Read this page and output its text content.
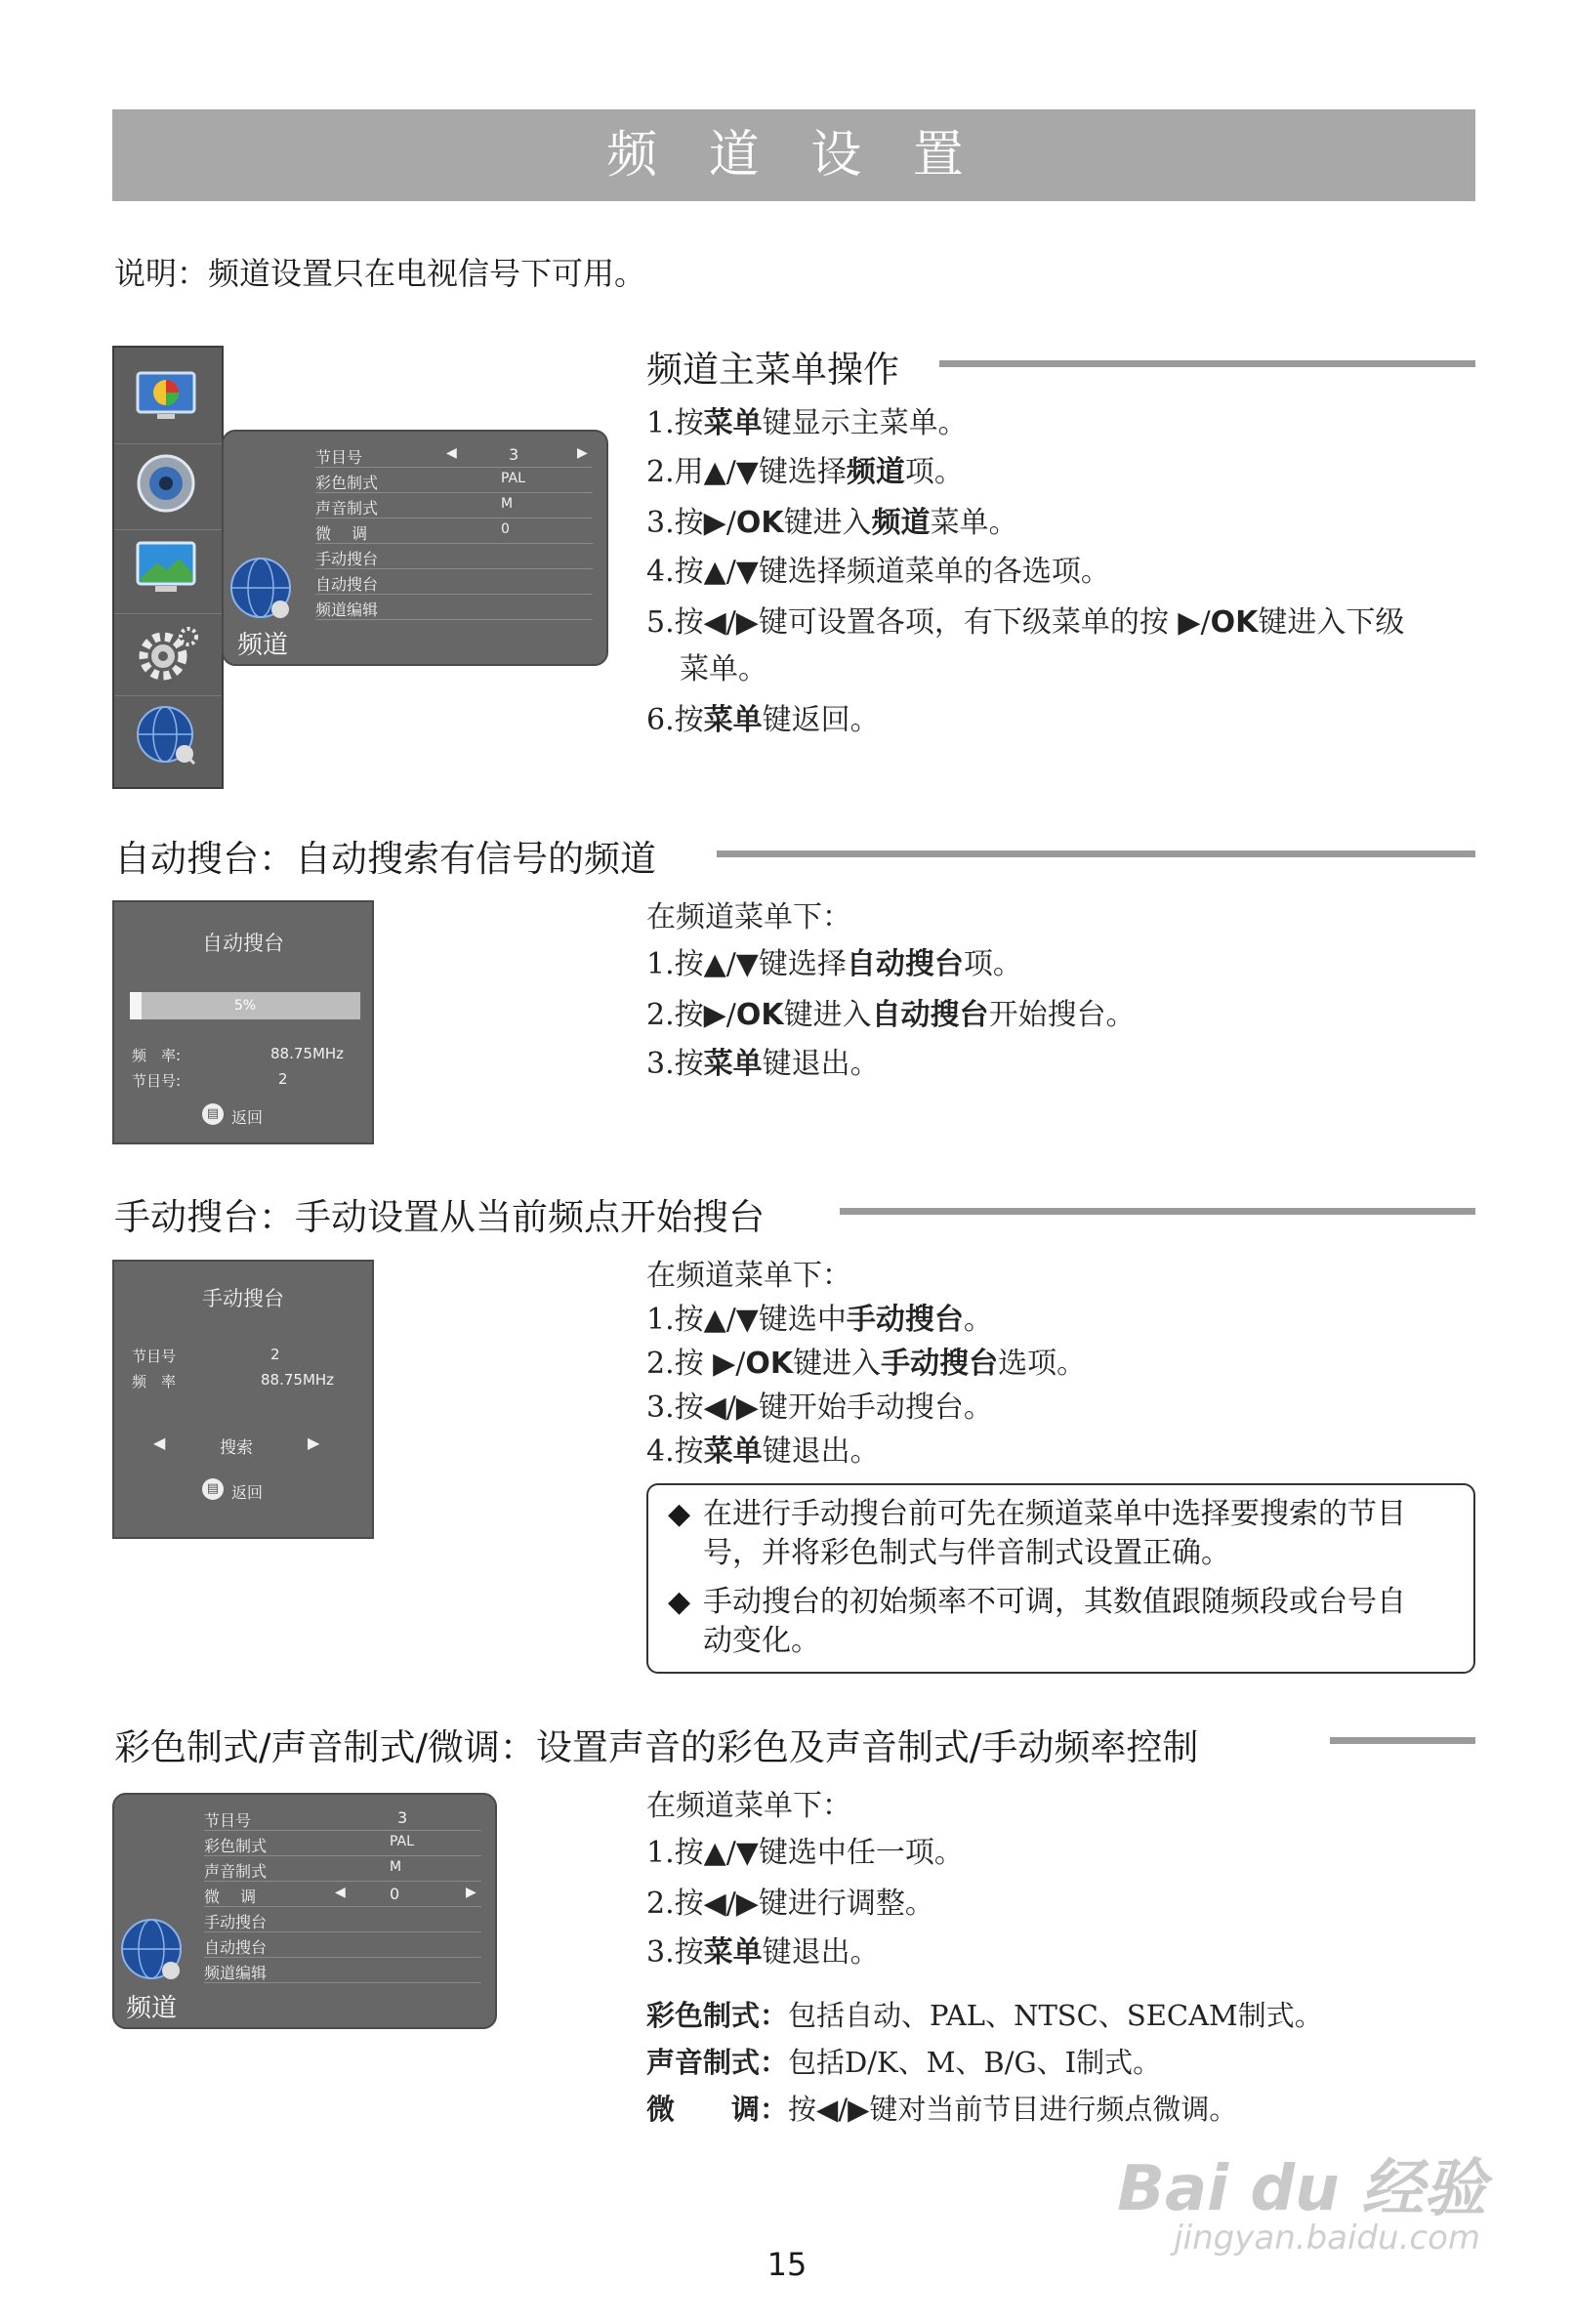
频 道 设 置
说明：频道设置只在电视信号下可用。
频道主菜单操作
频道
节目号	◀	3	▶
彩色制式	PAL
声音制式	M
微　 调	0
手动搜台
自动搜台
频道编辑
1.按菜单键显示主菜单。
2.用▲/▼键选择频道项。
3.按▶/OK键进入频道菜单。
4.按▲/▼键选择频道菜单的各选项。
5.按◀/▶键可设置各项，有下级菜单的按 ▶/OK键进入下级
菜单。
6.按菜单键返回。
自动搜台：自动搜索有信号的频道
自动搜台
5%
频　率:	88.75MHz
节目号:	2
▤ 返回
在频道菜单下：
1.按▲/▼键选择自动搜台项。
2.按▶/OK键进入自动搜台开始搜台。
3.按菜单键退出。
手动搜台：手动设置从当前频点开始搜台
手动搜台
节目号	2
频　率	88.75MHz
◀	搜索	▶
▤ 返回
在频道菜单下：
1.按▲/▼键选中手动搜台。
2.按 ▶/OK键进入手动搜台选项。
3.按◀/▶键开始手动搜台。
4.按菜单键退出。
◆ 在进行手动搜台前可先在频道菜单中选择要搜索的节目
号，并将彩色制式与伴音制式设置正确。
◆ 手动搜台的初始频率不可调，其数值跟随频段或台号自
动变化。
彩色制式/声音制式/微调：设置声音的彩色及声音制式/手动频率控制
频道
节目号	3
彩色制式	PAL
声音制式	M
微　 调	◀	0	▶
手动搜台
自动搜台
频道编辑
在频道菜单下：
1.按▲/▼键选中任一项。
2.按◀/▶键进行调整。
3.按菜单键退出。
彩色制式：包括自动、PAL、NTSC、SECAM制式。
声音制式：包括D/K、M、B/G、I制式。
微　　调：按◀/▶键对当前节目进行频点微调。
15
Bai du 经验
jingyan.baidu.com
